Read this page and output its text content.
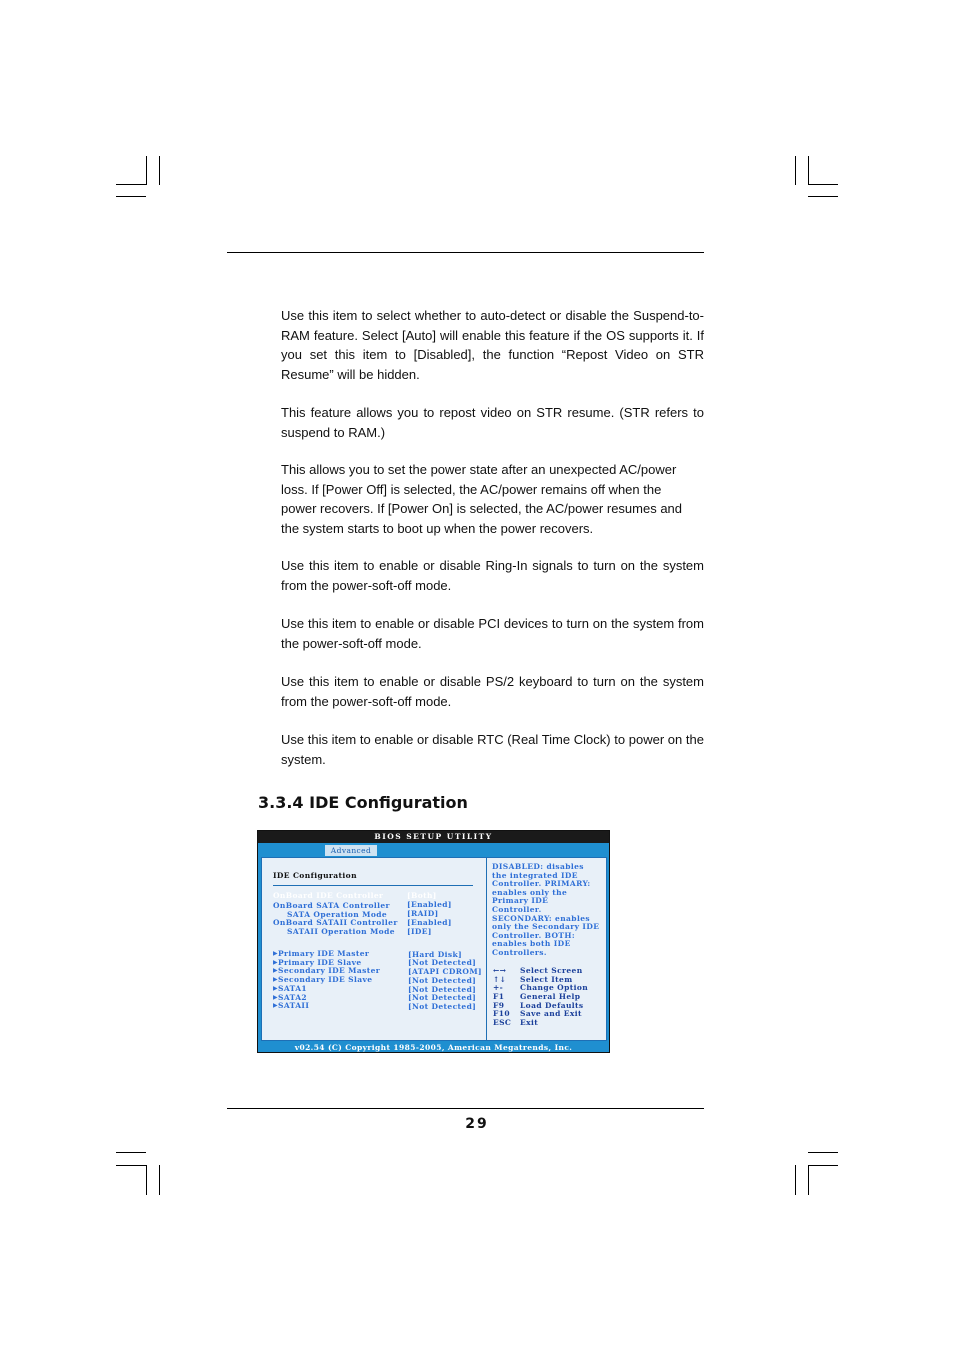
Use this item to select whether to auto-detect or disable the Suspend-to-RAM feature. Select [Auto] will enable this feature if the OS supports it. If you set this item to [Disabled], the function “Repost Video on STR Resume” will be hidden.

This feature allows you to repost video on STR resume. (STR refers to suspend to RAM.)

This allows you to set the power state after an unexpected AC/power loss. If [Power Off] is selected, the AC/power remains off when the power recovers. If [Power On] is selected, the AC/power resumes and the system starts to boot up when the power recovers.

Use this item to enable or disable Ring-In signals to turn on the system from the power-soft-off mode.

Use this item to enable or disable PCI devices to turn on the system from the power-soft-off mode.

Use this item to enable or disable PS/2 keyboard to turn on the system from the power-soft-off mode.

Use this item to enable or disable RTC (Real Time Clock) to power on the system.

3.3.4 IDE Configuration
BIOS SETUP UTILITY
Advanced
IDE Configuration
OnBoard IDE Controller	[Both]
OnBoard SATA Controller [Enabled]
SATA Operation Mode	[RAID]
OnBoard SATAII Controller [Enabled]
SATAII Operation Mode [IDE]
▶ Primary IDE Master	[Hard Disk]
▶ Primary IDE Slave	[Not Detected]
▶ Secondary IDE Master	[ATAPI CDROM]
▶ Secondary IDE Slave	[Not Detected]
▶ SATA1	[Not Detected]
▶ SATA2	[Not Detected]
▶ SATAII	[Not Detected]
DISABLED: disables the integrated IDE Controller. PRIMARY: enables only the Primary IDE Controller. SECONDARY: enables only the Secondary IDE Controller. BOTH: enables both IDE Controllers.
←→ Select Screen
↑↓ Select Item
+- Change Option
F1 General Help
F9 Load Defaults
F10 Save and Exit
ESC Exit
v02.54 (C) Copyright 1985-2005, American Megatrends, Inc.
29
